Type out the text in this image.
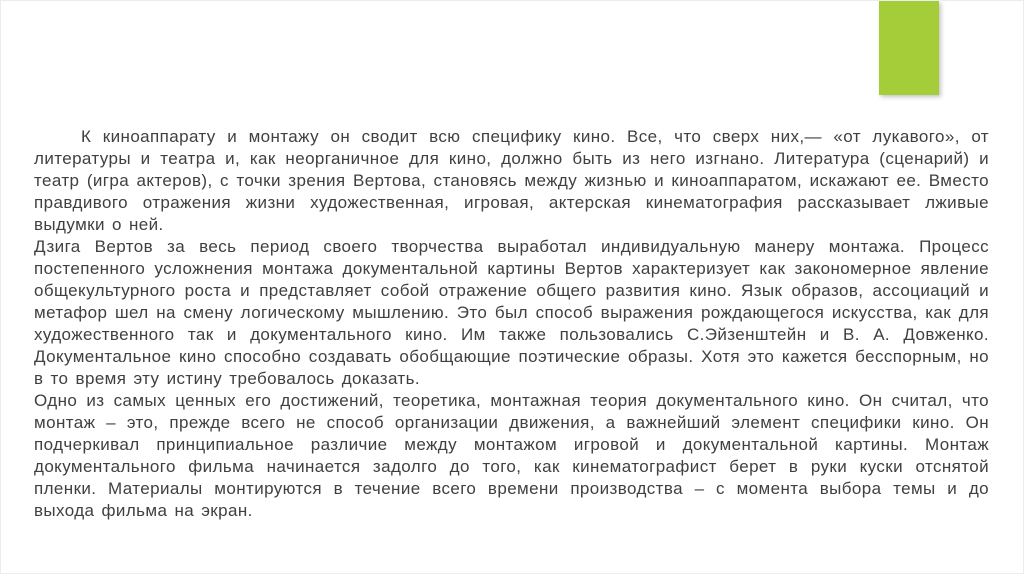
К киноаппарату и монтажу он сводит всю специфику кино. Все, что сверх них,— «от лукавого», от литературы и театра и, как неорганичное для кино, должно быть из него изгнано. Литература (сценарий) и театр (игра актеров), с точки зрения Вертова, становясь между жизнью и киноаппаратом, искажают ее. Вместо правдивого отражения жизни художественная, игровая, актерская кинематография рассказывает лживые выдумки о ней.

Дзига Вертов за весь период своего творчества выработал индивидуальную манеру монтажа. Процесс постепенного усложнения монтажа документальной картины Вертов характеризует как закономерное явление общекультурного роста и представляет собой отражение общего развития кино. Язык образов, ассоциаций и метафор шел на смену логическому мышлению. Это был способ выражения рождающегося искусства, как для художественного так и документального кино. Им также пользовались С.Эйзенштейн и В. А. Довженко. Документальное кино способно создавать обобщающие поэтические образы. Хотя это кажется бесспорным, но в то время эту истину требовалось доказать.

Одно из самых ценных его достижений, теоретика, монтажная теория документального кино. Он считал, что монтаж – это, прежде всего не способ организации движения, а важнейший элемент специфики кино. Он подчеркивал принципиальное различие между монтажом игровой и документальной картины. Монтаж документального фильма начинается задолго до того, как кинематографист берет в руки куски отснятой пленки. Материалы монтируются в течение всего времени производства – с момента выбора темы и до выхода фильма на экран.
